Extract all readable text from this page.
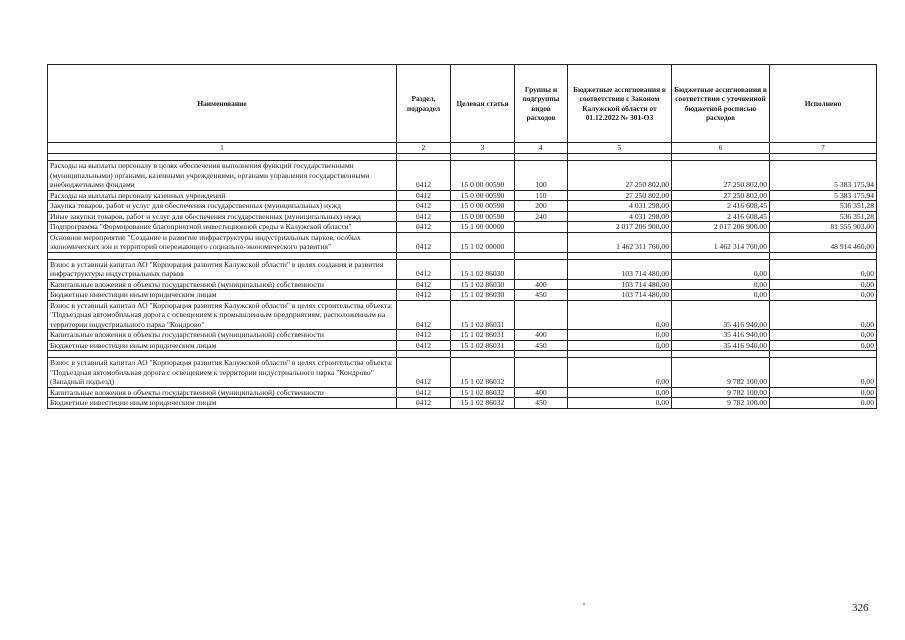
Наименование	Раздел, подраздел	Целевая статья	Группы и подгруппы видов расходов	Бюджетные ассигнования в соответствии с Законом Калужской области от 01.12.2022 № 301-ОЗ	Бюджетные ассигнования в соответствии с уточненной бюджетной росписью расходов	Исполнено
1	2	3	4	5	6	7

Расходы на выплаты персоналу в целях обеспечения выполнения функций государственными (муниципальными) органами, казенными учреждениями, органами управления государственными внебюджетными фондами	0412	15 0 00 00590	100	27 250 802,00	27 250 802,00	5 383 175,94
Расходы на выплаты персоналу казенных учреждений	0412	15 0 00 00590	110	27 250 802,00	27 250 802,00	5 383 175,94
Закупка товаров, работ и услуг для обеспечения государственных (муниципальных) нужд	0412	15 0 00 00590	200	4 031 298,00	2 416 608,45	536 351,28
Иные закупки товаров, работ и услуг для обеспечения государственных (муниципальных) нужд	0412	15 0 00 00590	240	4 031 298,00	2 416 608,45	536 351,28
Подпрограмма "Формирование благоприятной инвестиционной среды в Калужской области"	0412	15 1 00 00000		2 017 206 900,00	2 017 206 900,00	81 555 903,00
Основное мероприятие "Создание и развитие инфраструктуры индустриальных парков, особых экономических зон и территорий опережающего социально-экономического развития"	0412	15 1 02 00000		1 462 311 760,00	1 462 314 760,00	48 914 460,00

Взнос в уставный капитал АО "Корпорация развития Калужской области" в целях создания и развития инфраструктуры индустриальных парков	0412	15 1 02 86030		103 714 480,00	0,00	0,00
Капитальные вложения в объекты государственной (муниципальной) собственности	0412	15 1 02 86030	400	103 714 480,00	0,00	0,00
Бюджетные инвестиции иным юридическим лицам	0412	15 1 02 86030	450	103 714 480,00	0,00	0,00
Взнос в уставный капитал АО "Корпорация развития Калужской области" в целях строительства объекта: "Подъездная автомобильная дорога с освещением к промышленным предприятиям, расположенным на территории индустриального парка "Кондрово"	0412	15 1 02 86031		0,00	35 416 940,00	0,00
Капитальные вложения в объекты государственной (муниципальной) собственности	0412	15 1 02 86031	400	0,00	35 416 940,00	0,00
Бюджетные инвестиции иным юридическим лицам	0412	15 1 02 86031	450	0,00	35 416 940,00	0,00

Взнос в уставный капитал АО "Корпорация развития Калужской области" в целях строительства объекта: "Подъездная автомобильная дорога с освещением к территории индустриального парка "Кондрово" (Западный подъезд)	0412	15 1 02 86032		0,00	9 782 100,00	0,00
Капитальные вложения в объекты государственной (муниципальной) собственности	0412	15 1 02 86032	400	0,00	9 782 100,00	0,00
Бюджетные инвестиции иным юридическим лицам	0412	15 1 02 86032	450	0,00	9 782 100,00	0,00
326
